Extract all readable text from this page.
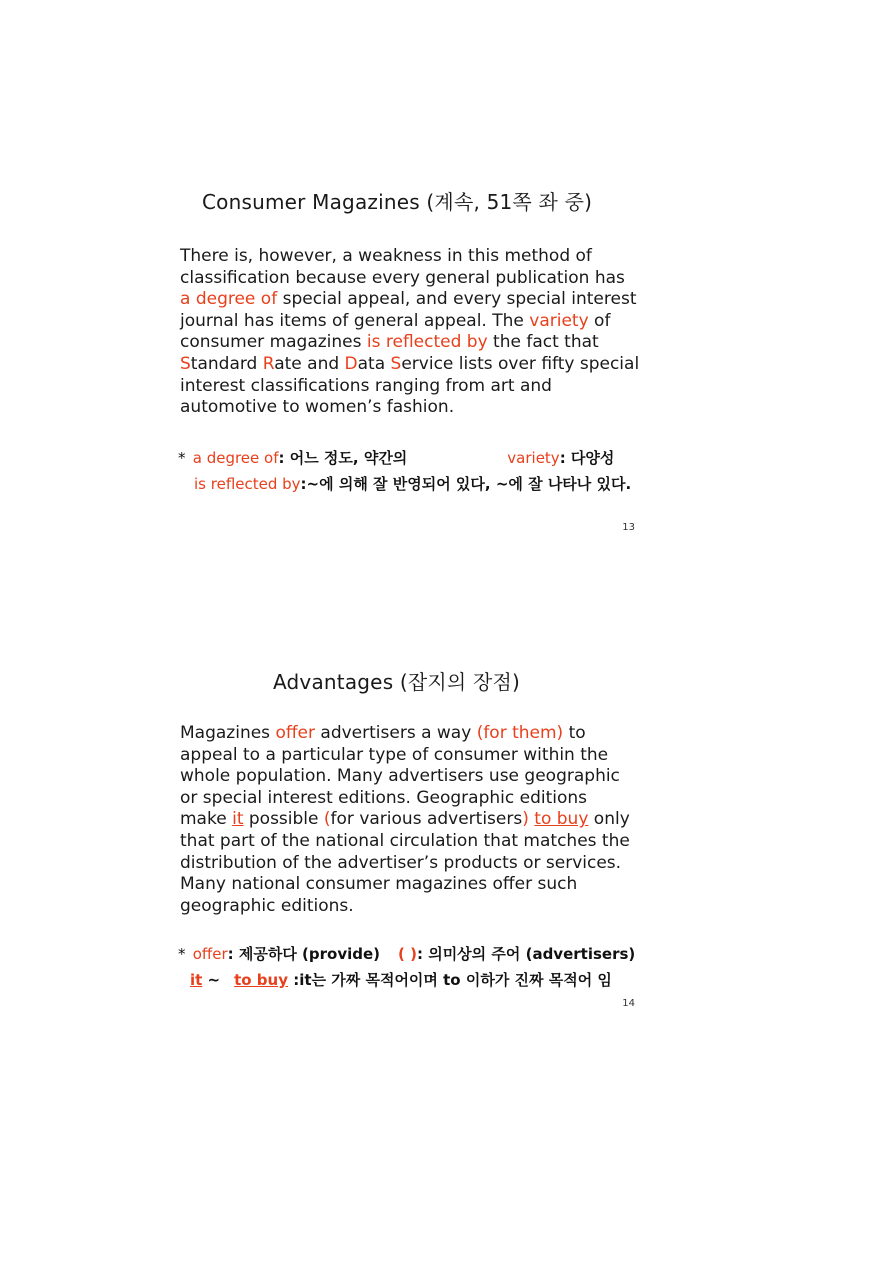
Consumer Magazines (계속, 51쪽 좌 중)
There is, however, a weakness in this method of
classification because every general publication has
a degree of special appeal, and every special interest
journal has items of general appeal. The variety of
consumer magazines is reflected by the fact that
Standard Rate and Data Service lists over fifty special
interest classifications ranging from art and
automotive to women’s fashion.
* a degree of: 어느 정도, 약간의	variety: 다양성
is reflected by:~에 의해 잘 반영되어 있다, ~에 잘 나타나 있다.
13
Advantages (잡지의 장점)
Magazines offer advertisers a way (for them) to
appeal to a particular type of consumer within the
whole population. Many advertisers use geographic
or special interest editions. Geographic editions
make it possible (for various advertisers) to buy only
that part of the national circulation that matches the
distribution of the advertiser’s products or services.
Many national consumer magazines offer such
geographic editions.
* offer: 제공하다 (provide) ( ): 의미상의 주어 (advertisers)
it ~ to buy :it는 가짜 목적어이며 to 이하가 진짜 목적어 임
14
